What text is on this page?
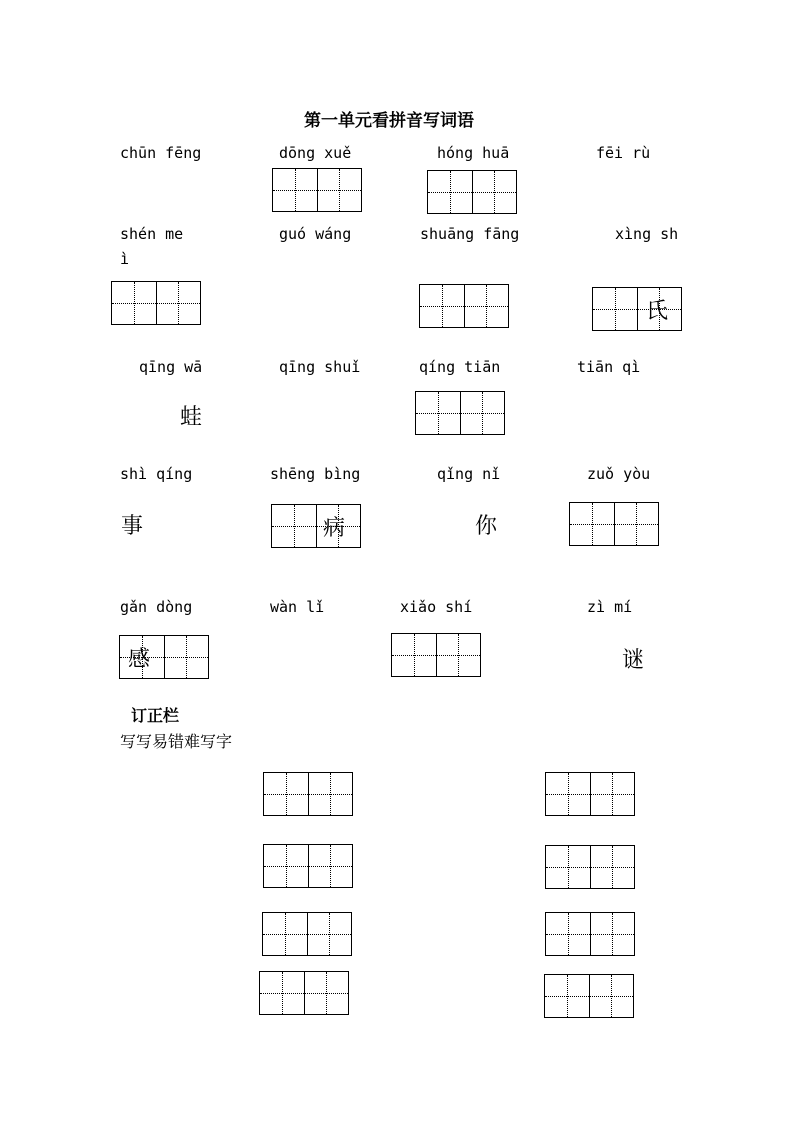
第一单元看拼音写词语
chūn fēng	dōng xuě	hóng huā	fēi rù
shén me	guó wáng	shuāng fāng	xìng sh
ì
氏
qīng wā	qīng shuǐ	qíng tiān	tiān qì
蛙
shì qíng	shēng bìng	qǐng nǐ	zuǒ yòu
事	病	你
gǎn dòng	wàn lǐ	xiǎo shí	zì mí
感	谜
订正栏
写写易错难写字
